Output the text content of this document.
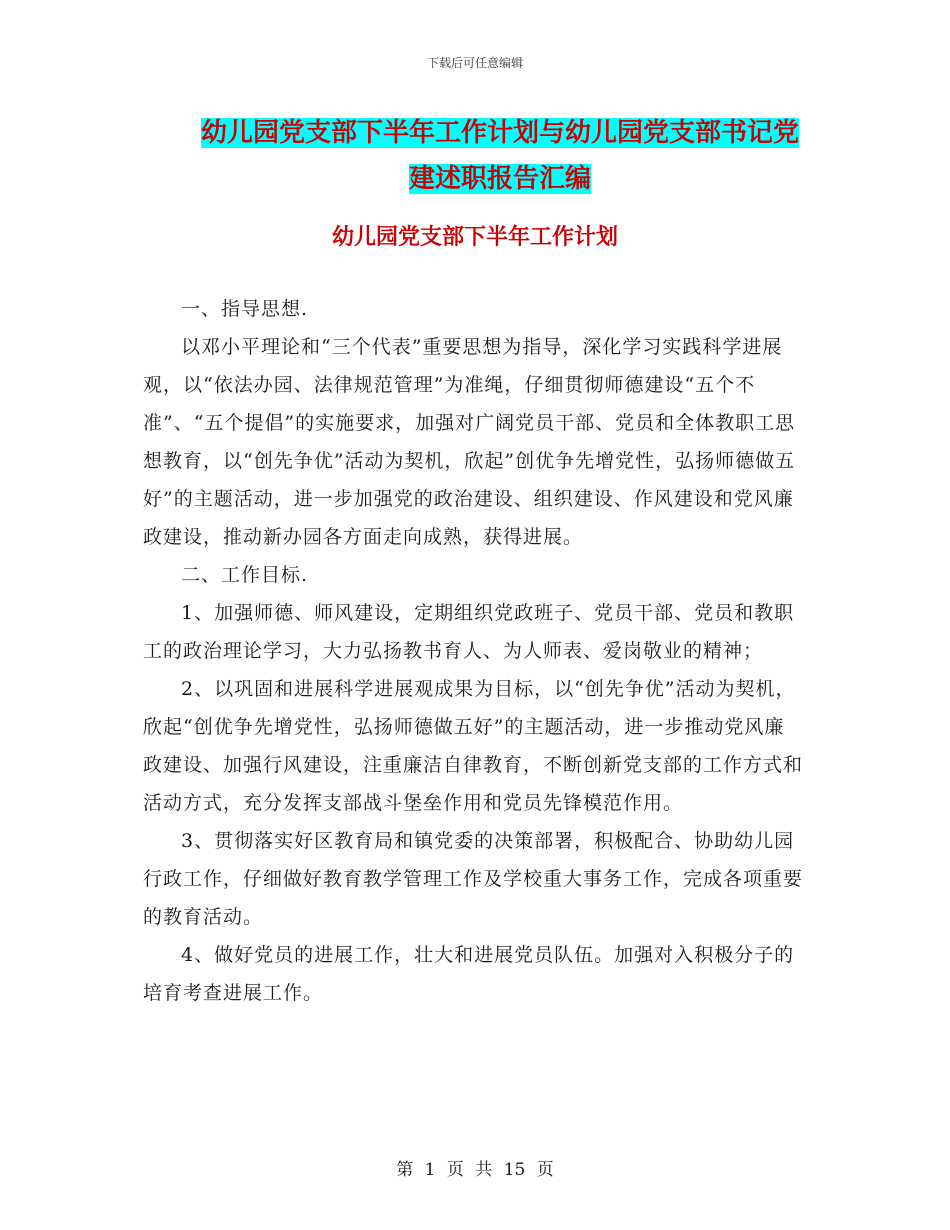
下载后可任意编辑
幼儿园党支部下半年工作计划与幼儿园党支部书记党
建述职报告汇编
幼儿园党支部下半年工作计划

一、指导思想.

以邓小平理论和“三个代表”重要思想为指导，深化学习实践科学进展观，以“依法办园、法律规范管理”为准绳，仔细贯彻师德建设“五个不准”、“五个提倡”的实施要求，加强对广阔党员干部、党员和全体教职工思想教育，以“创先争优”活动为契机，欣起”创优争先增党性，弘扬师德做五好”的主题活动，进一步加强党的政治建设、组织建设、作风建设和党风廉政建设，推动新办园各方面走向成熟，获得进展。

二、工作目标.

1、加强师德、师风建设，定期组织党政班子、党员干部、党员和教职工的政治理论学习，大力弘扬教书育人、为人师表、爱岗敬业的精神；

2、以巩固和进展科学进展观成果为目标，以“创先争优”活动为契机，欣起“创优争先增党性，弘扬师德做五好”的主题活动，进一步推动党风廉政建设、加强行风建设，注重廉洁自律教育，不断创新党支部的工作方式和活动方式，充分发挥支部战斗堡垒作用和党员先锋模范作用。

3、贯彻落实好区教育局和镇党委的决策部署，积极配合、协助幼儿园行政工作，仔细做好教育教学管理工作及学校重大事务工作，完成各项重要的教育活动。

4、做好党员的进展工作，壮大和进展党员队伍。加强对入积极分子的培育考查进展工作。

第 1 页 共 15 页
